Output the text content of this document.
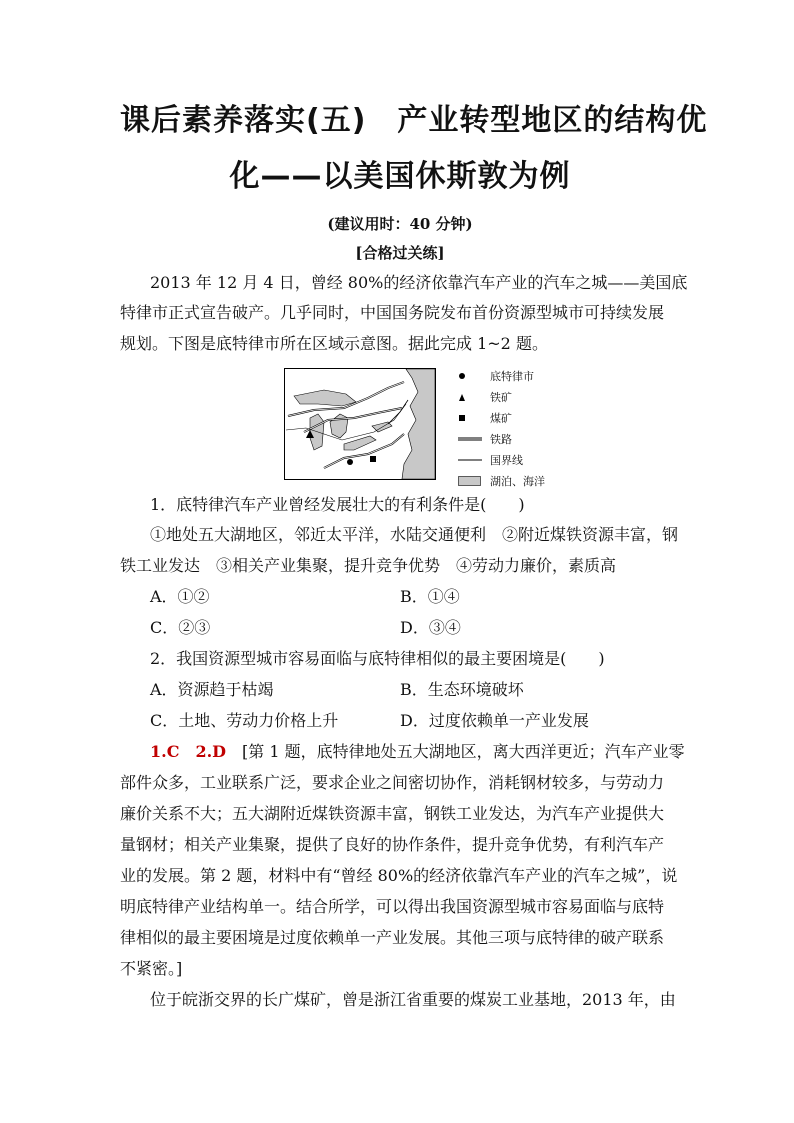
课后素养落实(五)　产业转型地区的结构优
化——以美国休斯敦为例
(建议用时：40 分钟)
[合格过关练]
2013 年 12 月 4 日，曾经 80%的经济依靠汽车产业的汽车之城——美国底
特律市正式宣告破产。几乎同时，中国国务院发布首份资源型城市可持续发展
规划。下图是底特律市所在区域示意图。据此完成 1~2 题。
底特律市
铁矿
煤矿
铁路
国界线
湖泊、海洋
1．底特律汽车产业曾经发展壮大的有利条件是(　　)
①地处五大湖地区，邻近太平洋，水陆交通便利　②附近煤铁资源丰富，钢
铁工业发达　③相关产业集聚，提升竞争优势　④劳动力廉价，素质高
A．①②	B．①④
C．②③	D．③④
2．我国资源型城市容易面临与底特律相似的最主要困境是(　　)
A．资源趋于枯竭	B．生态环境破坏
C．土地、劳动力价格上升	D．过度依赖单一产业发展
1.C　2.D　 [第 1 题，底特律地处五大湖地区，离大西洋更近；汽车产业零
部件众多，工业联系广泛，要求企业之间密切协作，消耗钢材较多，与劳动力
廉价关系不大；五大湖附近煤铁资源丰富，钢铁工业发达，为汽车产业提供大
量钢材；相关产业集聚，提供了良好的协作条件，提升竞争优势，有利汽车产
业的发展。第 2 题，材料中有“曾经 80%的经济依靠汽车产业的汽车之城”，说
明底特律产业结构单一。结合所学，可以得出我国资源型城市容易面临与底特
律相似的最主要困境是过度依赖单一产业发展。其他三项与底特律的破产联系
不紧密。]
位于皖浙交界的长广煤矿，曾是浙江省重要的煤炭工业基地，2013 年，由
